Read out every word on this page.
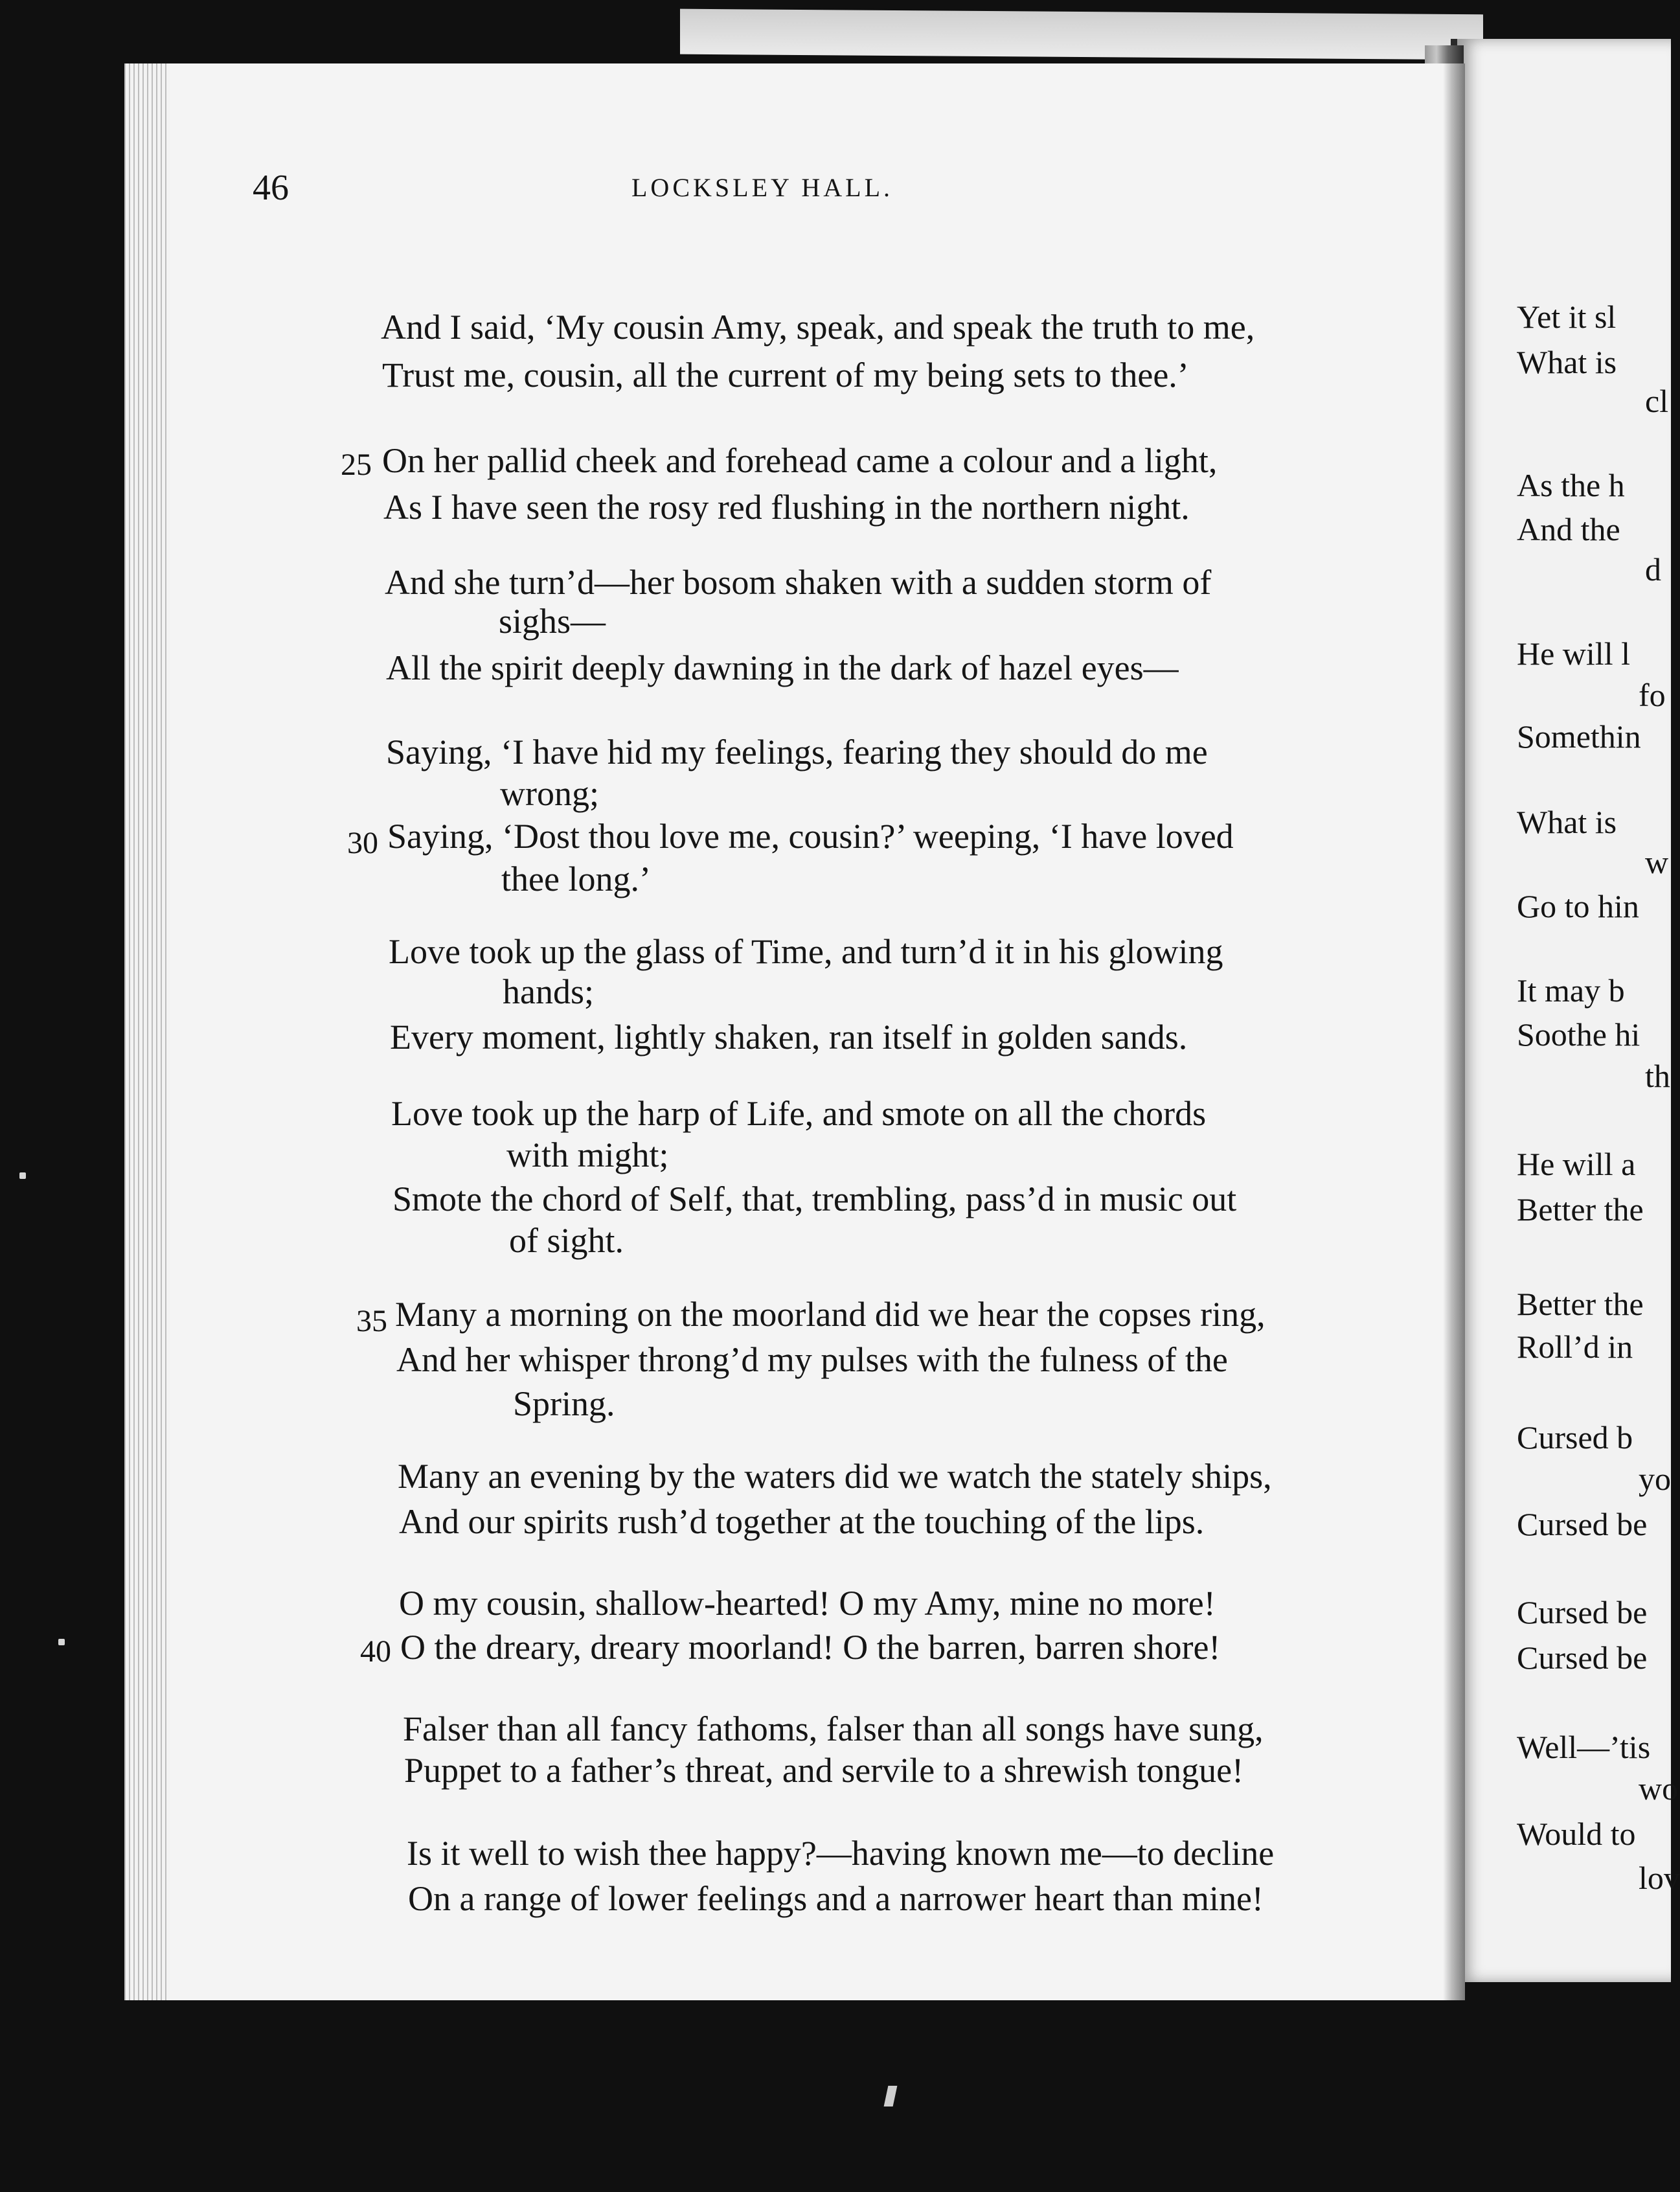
Yet it sl
What is
cl
As the h
And the
d
He will l
fo
Somethin
What is
w
Go to hin
It may b
Soothe hi
th
He will a
Better the
Better the
Roll’d in
Cursed b
yo
Cursed be
Cursed be
Cursed be
Well—’tis
wo
Would to
lov
46	LOCKSLEY HALL.
And I said, ‘My cousin Amy, speak, and speak the truth to me,
Trust me, cousin, all the current of my being sets to thee.’
25 On her pallid cheek and forehead came a colour and a light,
As I have seen the rosy red flushing in the northern night.
And she turn’d—her bosom shaken with a sudden storm of
sighs—
All the spirit deeply dawning in the dark of hazel eyes—
Saying, ‘I have hid my feelings, fearing they should do me
wrong;
30 Saying, ‘Dost thou love me, cousin?’ weeping, ‘I have loved
thee long.’
Love took up the glass of Time, and turn’d it in his glowing
hands;
Every moment, lightly shaken, ran itself in golden sands.
Love took up the harp of Life, and smote on all the chords
with might;
Smote the chord of Self, that, trembling, pass’d in music out
of sight.
35 Many a morning on the moorland did we hear the copses ring,
And her whisper throng’d my pulses with the fulness of the
Spring.
Many an evening by the waters did we watch the stately ships,
And our spirits rush’d together at the touching of the lips.
O my cousin, shallow-hearted! O my Amy, mine no more!
40 O the dreary, dreary moorland! O the barren, barren shore!
Falser than all fancy fathoms, falser than all songs have sung,
Puppet to a father’s threat, and servile to a shrewish tongue!
Is it well to wish thee happy?—having known me—to decline
On a range of lower feelings and a narrower heart than mine!
